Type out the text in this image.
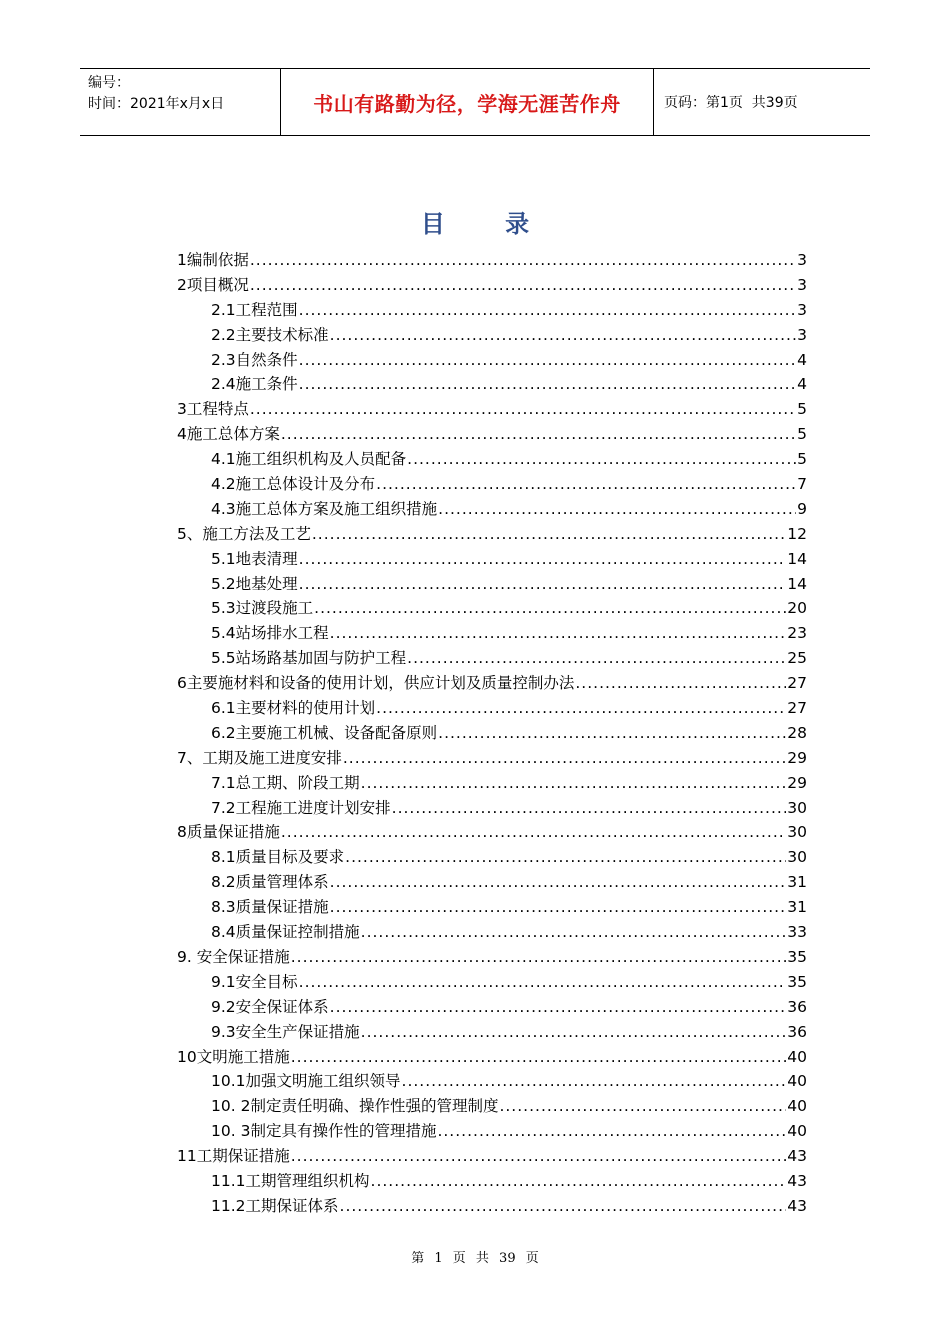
编号：
时间：2021年x月x日	书山有路勤为径，学海无涯苦作舟	页码：第1页  共39页
目 录
1编制依据 .....	3
2项目概况 .....	3
2.1工程范围 .....	3
2.2主要技术标准 .....	3
2.3自然条件 .....	4
2.4施工条件 .....	4
3工程特点 .....	5
4施工总体方案 .....	5
4.1施工组织机构及人员配备 .....	5
4.2施工总体设计及分布 .....	7
4.3施工总体方案及施工组织措施 .....	9
5、施工方法及工艺 .....	12
5.1地表清理 .....	14
5.2地基处理 .....	14
5.3过渡段施工 .....	20
5.4站场排水工程 .....	23
5.5站场路基加固与防护工程 .....	25
6主要施材料和设备的使用计划，供应计划及质量控制办法 .....	27
6.1主要材料的使用计划 .....	27
6.2主要施工机械、设备配备原则 .....	28
7、工期及施工进度安排 .....	29
7.1总工期、阶段工期 .....	29
7.2工程施工进度计划安排 .....	30
8质量保证措施 .....	30
8.1质量目标及要求 .....	30
8.2质量管理体系 .....	31
8.3质量保证措施 .....	31
8.4质量保证控制措施 .....	33
9. 安全保证措施 .....	35
9.1安全目标 .....	35
9.2安全保证体系 .....	36
9.3安全生产保证措施 .....	36
10文明施工措施 .....	40
10.1加强文明施工组织领导 .....	40
10. 2制定责任明确、操作性强的管理制度 .....	40
10. 3制定具有操作性的管理措施 .....	40
11工期保证措施 .....	43
11.1工期管理组织机构 .....	43
11.2工期保证体系 .....	43
第 1 页 共 39 页
